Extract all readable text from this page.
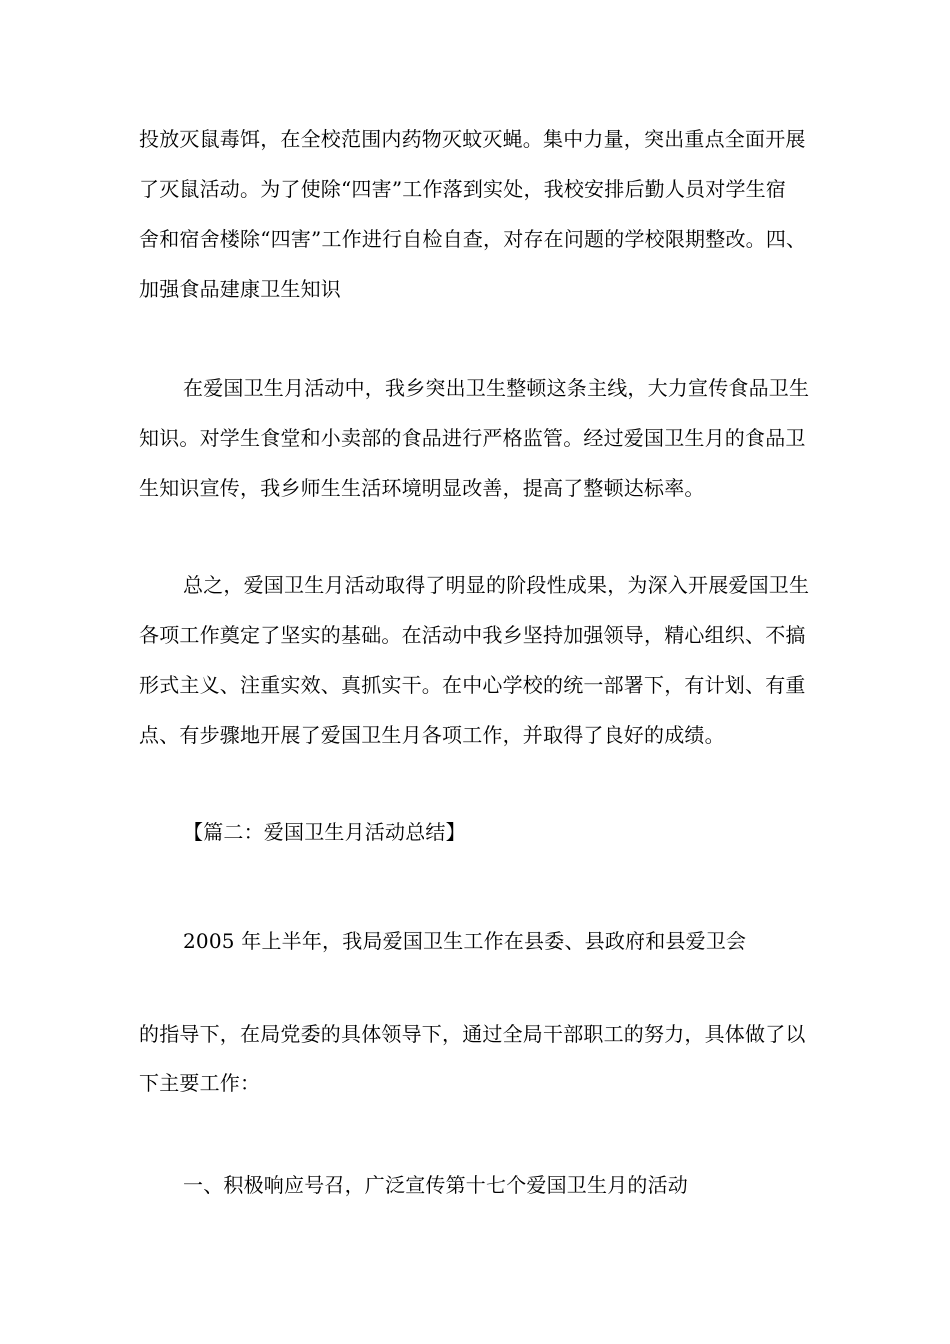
投放灭鼠毒饵，在全校范围内药物灭蚊灭蝇。集中力量，突出重点全面开展
了灭鼠活动。为了使除“四害”工作落到实处，我校安排后勤人员对学生宿
舍和宿舍楼除“四害”工作进行自检自查，对存在问题的学校限期整改。四、
加强食品建康卫生知识
在爱国卫生月活动中，我乡突出卫生整顿这条主线，大力宣传食品卫生
知识。对学生食堂和小卖部的食品进行严格监管。经过爱国卫生月的食品卫
生知识宣传，我乡师生生活环境明显改善，提高了整顿达标率。
总之，爱国卫生月活动取得了明显的阶段性成果，为深入开展爱国卫生
各项工作奠定了坚实的基础。在活动中我乡坚持加强领导，精心组织、不搞
形式主义、注重实效、真抓实干。在中心学校的统一部署下，有计划、有重
点、有步骤地开展了爱国卫生月各项工作，并取得了良好的成绩。
【篇二：爱国卫生月活动总结】
2005 年上半年，我局爱国卫生工作在县委、县政府和县爱卫会
的指导下，在局党委的具体领导下，通过全局干部职工的努力，具体做了以
下主要工作：
一、积极响应号召，广泛宣传第十七个爱国卫生月的活动
